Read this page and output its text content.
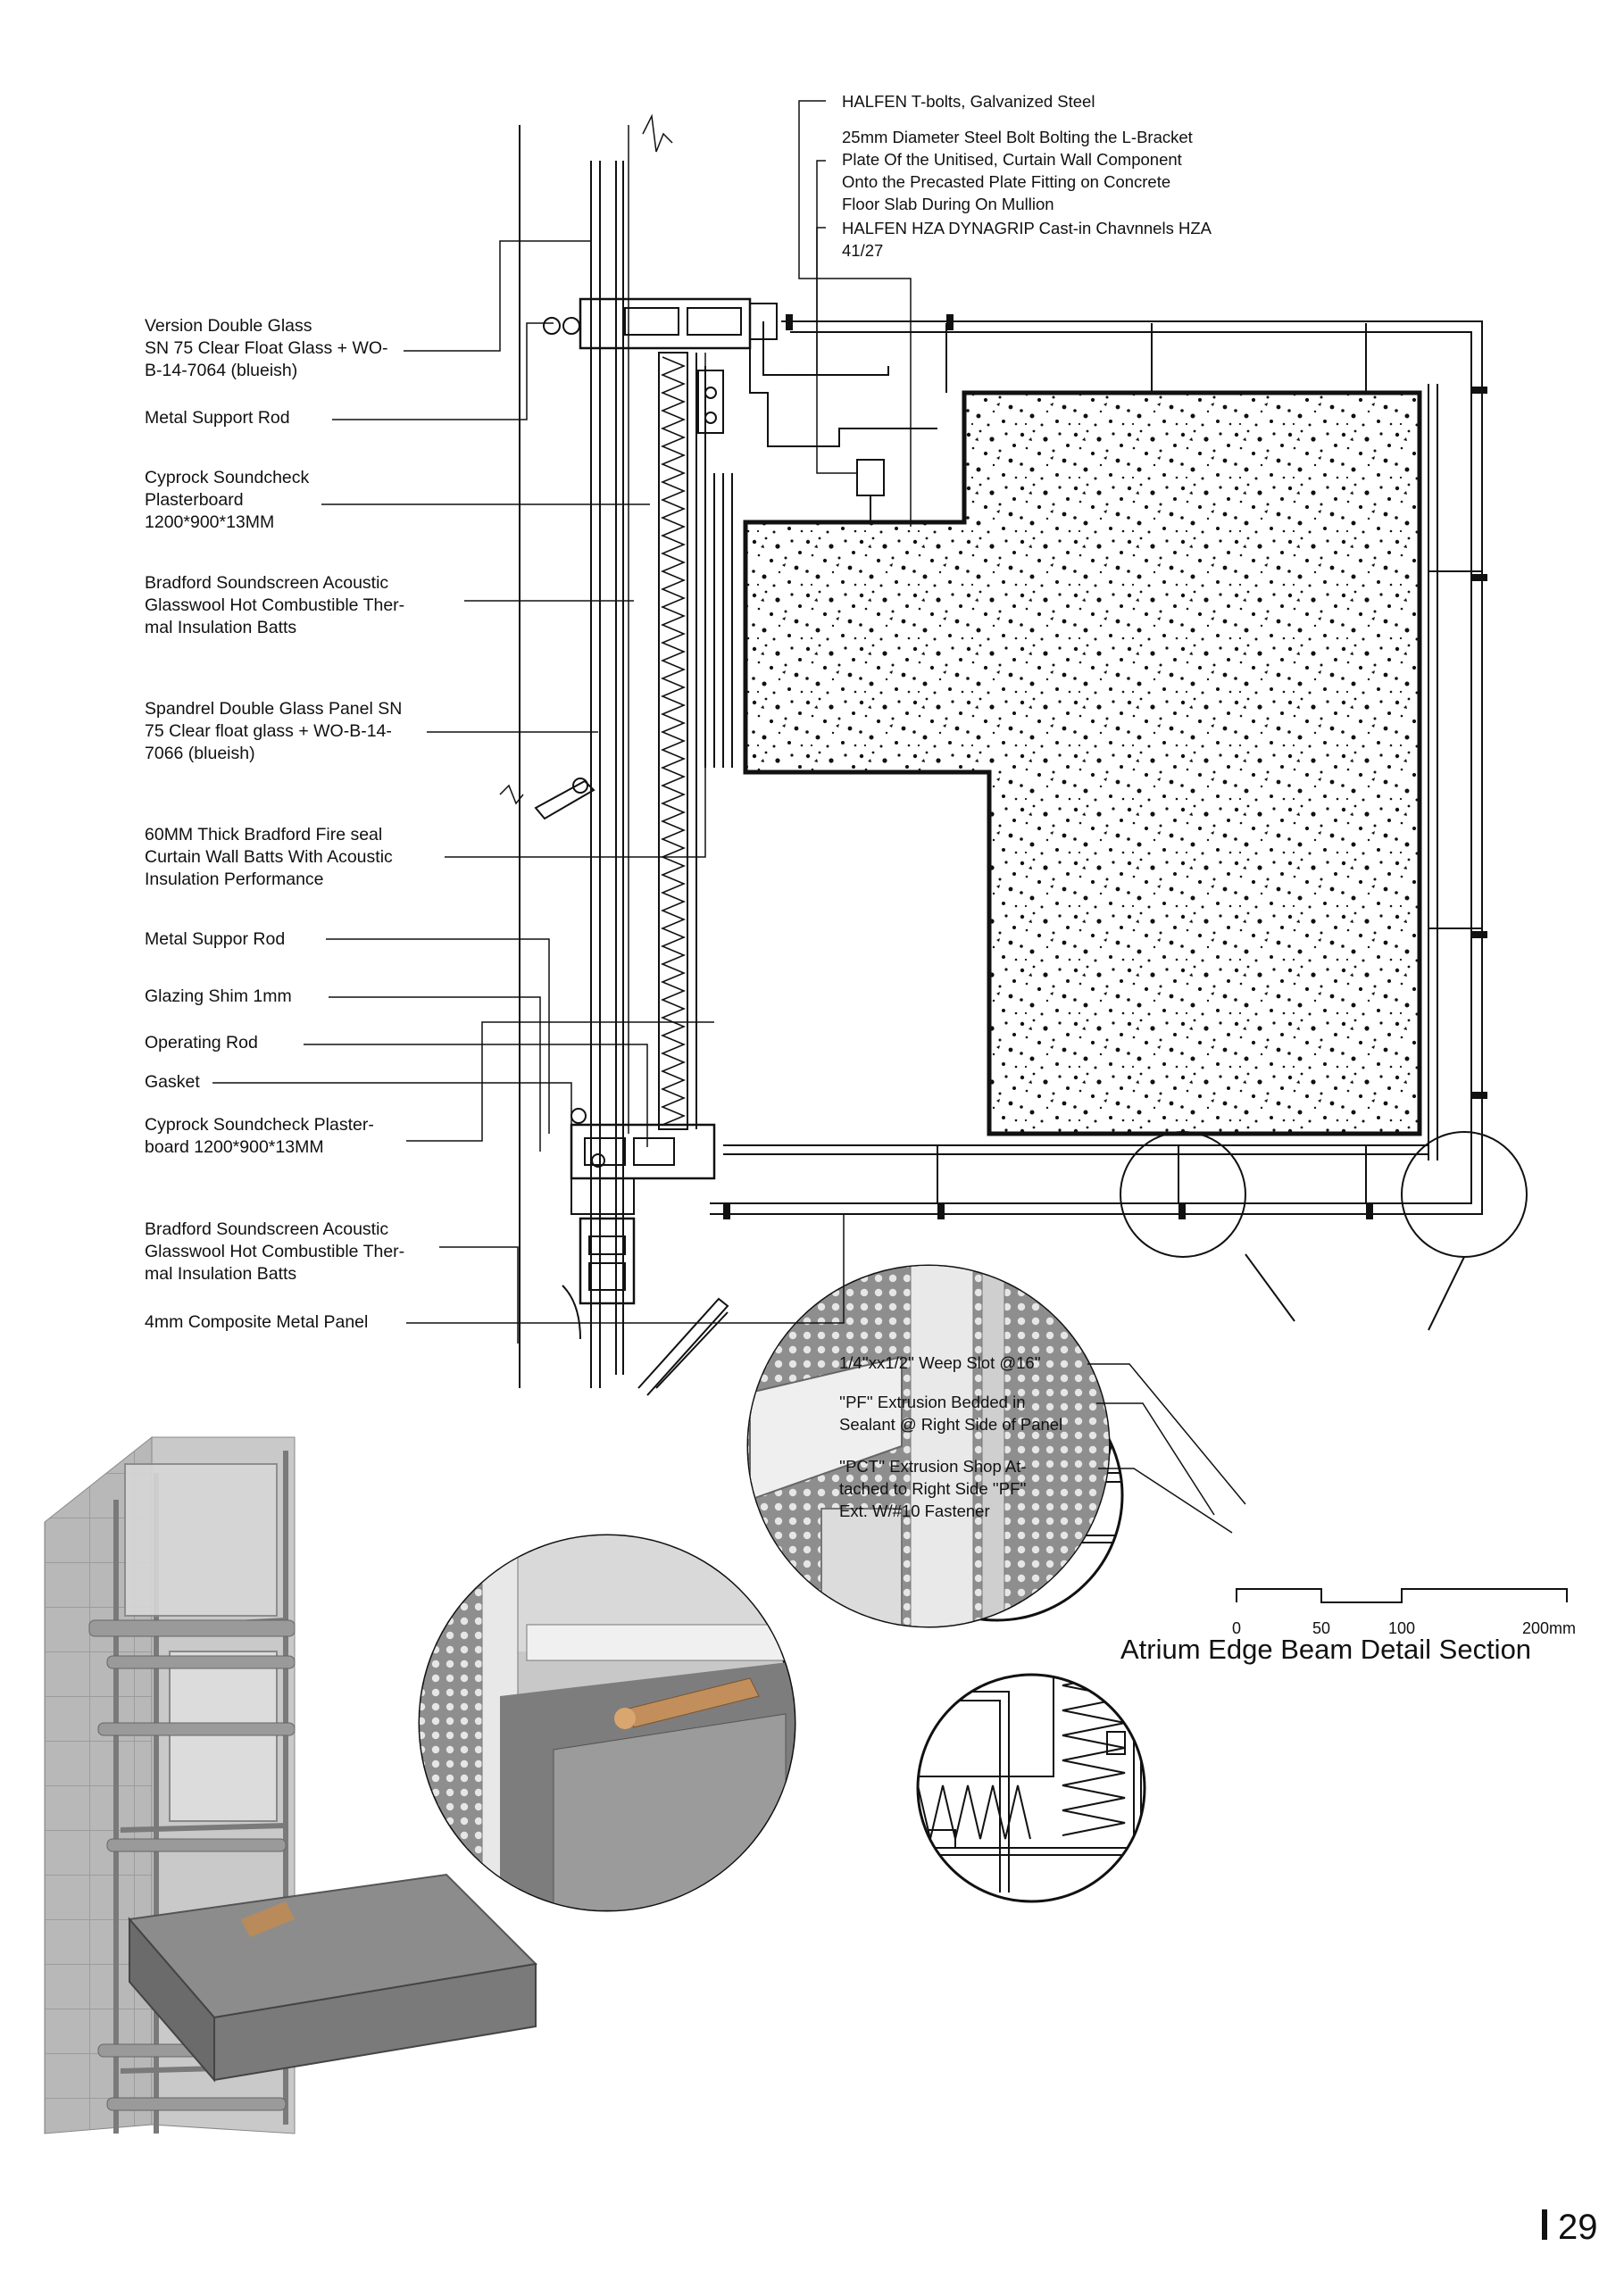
Version Double Glass SN 75 Clear Float Glass + WO-B-14-7064 (blueish)
Metal Support Rod
Cyprock Soundcheck Plasterboard 1200*900*13MM
Bradford Soundscreen Acoustic Glasswool Hot Combustible Ther-mal Insulation Batts
Spandrel Double Glass Panel SN 75 Clear float glass + WO-B-14-7066 (blueish)
60MM Thick Bradford Fire seal Curtain Wall Batts With Acoustic Insulation Performance
Metal Suppor Rod
Glazing Shim 1mm
Operating Rod
Gasket
Cyprock Soundcheck Plaster-board 1200*900*13MM
Bradford Soundscreen Acoustic Glasswool Hot Combustible Ther-mal Insulation Batts
4mm Composite Metal Panel
HALFEN T-bolts, Galvanized Steel
25mm Diameter Steel Bolt Bolting the L-Bracket Plate Of the Unitised, Curtain Wall Component Onto the Precasted Plate Fitting on Concrete Floor Slab During On Mullion
HALFEN HZA DYNAGRIP Cast-in Chavnnels HZA 41/27
1/4''xx1/2'' Weep Slot @16''
''PF'' Extrusion Bedded in Sealant @ Right Side of Panel
''PCT'' Extrusion Shop At-tached to Right Side ''PF'' Ext. W/#10 Fastener
Atrium Edge Beam Detail Section
0	50	100	200mm
29
